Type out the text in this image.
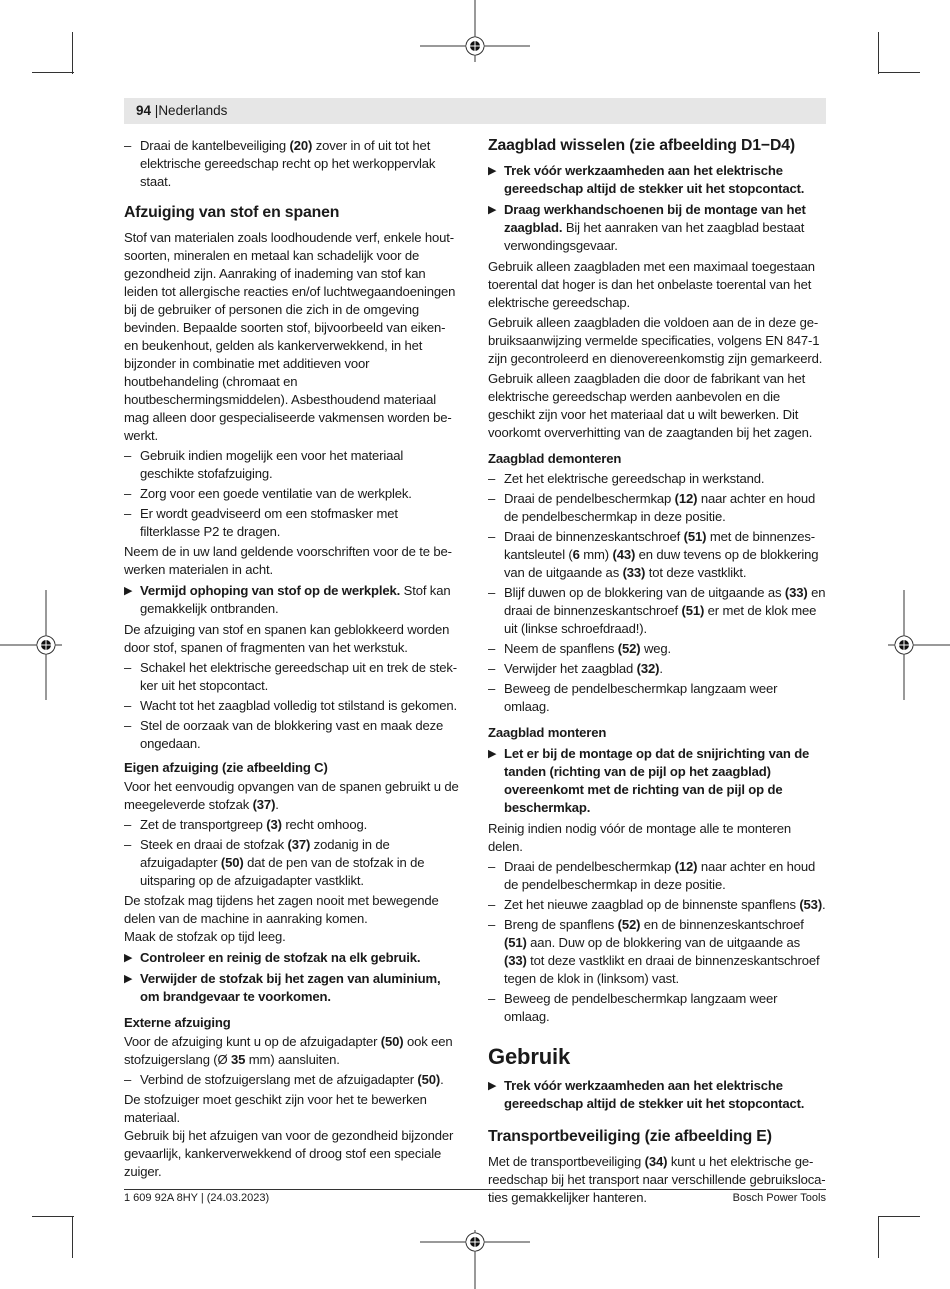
94 |Nederlands
– Draai de kantelbeveiliging (20) zover in of uit tot het elektrische gereedschap recht op het werkoppervlak staat.
Afzuiging van stof en spanen

Stof van materialen zoals loodhoudende verf, enkele houtsoorten, mineralen en metaal kan schadelijk voor de gezondheid zijn. Aanraking of inademing van stof kan leiden tot allergische reacties en/of luchtwegaandoeningen bij de gebruiker of personen die zich in de omgeving bevinden. Bepaalde soorten stof, bijvoorbeeld van eiken- en beukenhout, gelden als kankerverwekkend, in het bijzonder in combinatie met additieven voor houtbehandeling (chromaat en houtbeschermingsmiddelen). Asbesthoudend materiaal mag alleen door gespecialiseerde vakmensen worden bewerkt.

– Gebruik indien mogelijk een voor het materiaal geschikte stofafzuiging.
– Zorg voor een goede ventilatie van de werkplek.
– Er wordt geadviseerd om een stofmasker met filterklasse P2 te dragen.

Neem de in uw land geldende voorschriften voor de te bewerken materialen in acht.

▶ Vermijd ophoping van stof op de werkplek. Stof kan gemakkelijk ontbranden.

De afzuiging van stof en spanen kan geblokkeerd worden door stof, spanen of fragmenten van het werkstuk.

– Schakel het elektrische gereedschap uit en trek de stekker uit het stopcontact.
– Wacht tot het zaagblad volledig tot stilstand is gekomen.
– Stel de oorzaak van de blokkering vast en maak deze ongedaan.
Eigen afzuiging (zie afbeelding C)

Voor het eenvoudig opvangen van de spanen gebruikt u de meegeleverde stofzak (37).

– Zet de transportgreep (3) recht omhoog.
– Steek en draai de stofzak (37) zodanig in de afzuigadapter (50) dat de pen van de stofzak in de uitsparing op de afzuigadapter vastklikt.

De stofzak mag tijdens het zagen nooit met bewegende delen van de machine in aanraking komen.

Maak de stofzak op tijd leeg.

▶ Controleer en reinig de stofzak na elk gebruik.
▶ Verwijder de stofzak bij het zagen van aluminium, om brandgevaar te voorkomen.
Externe afzuiging

Voor de afzuiging kunt u op de afzuigadapter (50) ook een stofzuigerslang (Ø 35 mm) aansluiten.

– Verbind de stofzuigerslang met de afzuigadapter (50).

De stofzuiger moet geschikt zijn voor het te bewerken materiaal.

Gebruik bij het afzuigen van voor de gezondheid bijzonder gevaarlijk, kankerverwekkend of droog stof een speciale zuiger.

Zaagblad wisselen (zie afbeelding D1−D4)
▶ Trek vóór werkzaamheden aan het elektrische gereedschap altijd de stekker uit het stopcontact.
▶ Draag werkhandschoenen bij de montage van het zaagblad. Bij het aanraken van het zaagblad bestaat verwondingsgevaar.

Gebruik alleen zaagbladen met een maximaal toegestaan toerental dat hoger is dan het onbelaste toerental van het elektrische gereedschap.

Gebruik alleen zaagbladen die voldoen aan de in deze gebruiksaanwijzing vermelde specificaties, volgens EN 847-1 zijn gecontroleerd en dienovereenkomstig zijn gemarkeerd.

Gebruik alleen zaagbladen die door de fabrikant van het elektrische gereedschap werden aanbevolen en die geschikt zijn voor het materiaal dat u wilt bewerken. Dit voorkomt oververhitting van de zaagtanden bij het zagen.

Zaagblad demonteren
– Zet het elektrische gereedschap in werkstand.
– Draai de pendelbeschermkap (12) naar achter en houd de pendelbeschermkap in deze positie.
– Draai de binnenzeskantschroef (51) met de binnenzeskantsleutel (6 mm) (43) en duw tevens op de blokkering van de uitgaande as (33) tot deze vastklikt.
– Blijf duwen op de blokkering van de uitgaande as (33) en draai de binnenzeskantschroef (51) er met de klok mee uit (linkse schroefdraad!).
– Neem de spanflens (52) weg.
– Verwijder het zaagblad (32).
– Beweeg de pendelbeschermkap langzaam weer omlaag.
Zaagblad monteren
▶ Let er bij de montage op dat de snijrichting van de tanden (richting van de pijl op het zaagblad) overeenkomt met de richting van de pijl op de beschermkap.

Reinig indien nodig vóór de montage alle te monteren delen.

– Draai de pendelbeschermkap (12) naar achter en houd de pendelbeschermkap in deze positie.
– Zet het nieuwe zaagblad op de binnenste spanflens (53).
– Breng de spanflens (52) en de binnenzeskantschroef (51) aan. Duw op de blokkering van de uitgaande as (33) tot deze vastklikt en draai de binnenzeskantschroef tegen de klok in (linksom) vast.
– Beweeg de pendelbeschermkap langzaam weer omlaag.
Gebruik
▶ Trek vóór werkzaamheden aan het elektrische gereedschap altijd de stekker uit het stopcontact.
Transportbeveiliging (zie afbeelding E)

Met de transportbeveiliging (34) kunt u het elektrische gereedschap bij het transport naar verschillende gebruikslocaties gemakkelijker hanteren.

1 609 92A 8HY | (24.03.2023)	Bosch Power Tools
